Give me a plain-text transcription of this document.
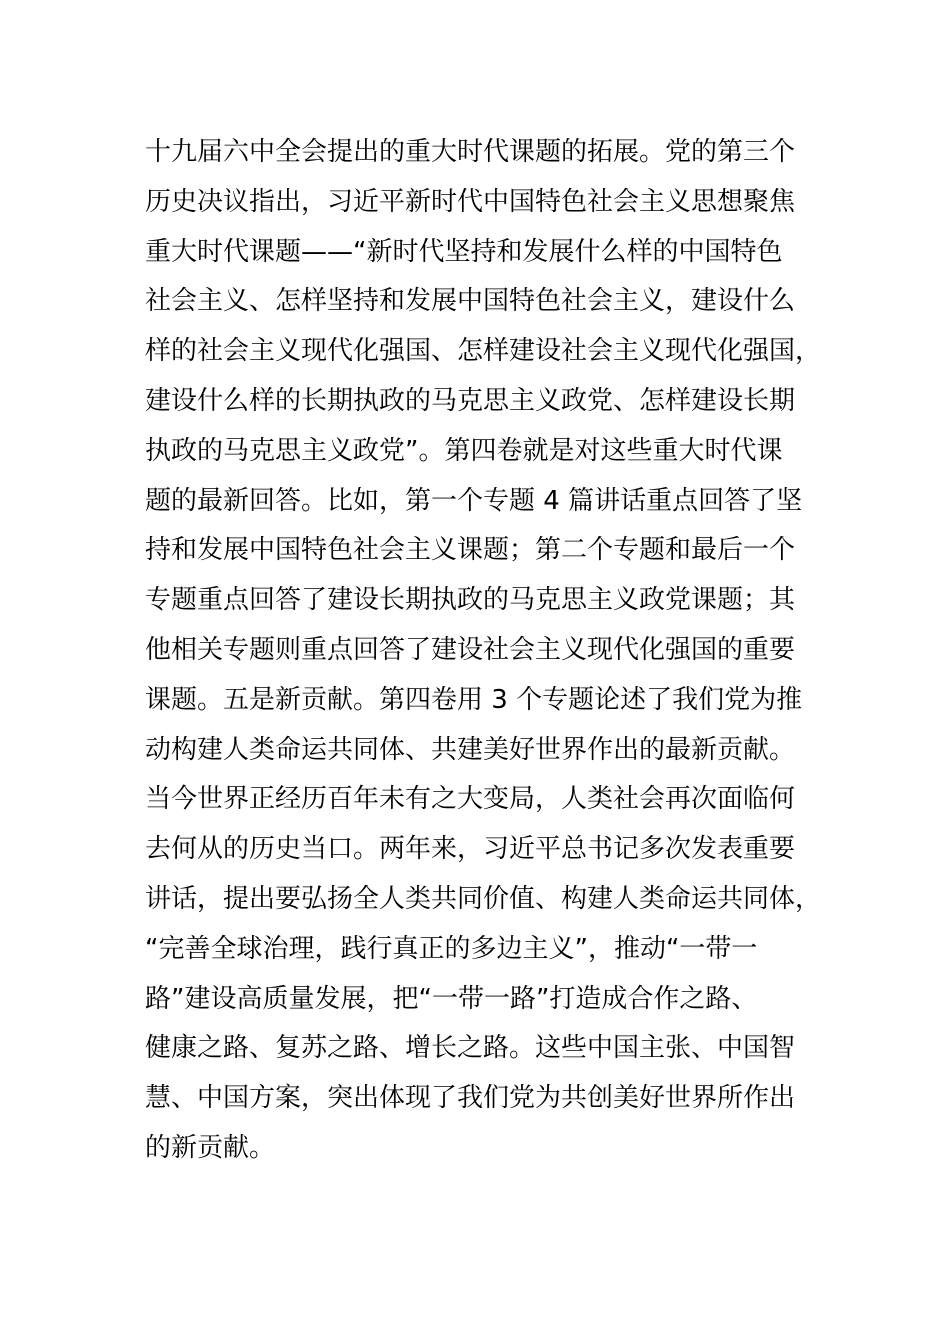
十九届六中全会提出的重大时代课题的拓展。党的第三个
历史决议指出，习近平新时代中国特色社会主义思想聚焦
重大时代课题——“新时代坚持和发展什么样的中国特色
社会主义、怎样坚持和发展中国特色社会主义，建设什么
样的社会主义现代化强国、怎样建设社会主义现代化强国，
建设什么样的长期执政的马克思主义政党、怎样建设长期
执政的马克思主义政党”。第四卷就是对这些重大时代课
题的最新回答。比如，第一个专题 4 篇讲话重点回答了坚
持和发展中国特色社会主义课题；第二个专题和最后一个
专题重点回答了建设长期执政的马克思主义政党课题；其
他相关专题则重点回答了建设社会主义现代化强国的重要
课题。五是新贡献。第四卷用 3 个专题论述了我们党为推
动构建人类命运共同体、共建美好世界作出的最新贡献。
当今世界正经历百年未有之大变局，人类社会再次面临何
去何从的历史当口。两年来，习近平总书记多次发表重要
讲话，提出要弘扬全人类共同价值、构建人类命运共同体，
“完善全球治理，践行真正的多边主义”，推动“一带一
路”建设高质量发展，把“一带一路”打造成合作之路、
健康之路、复苏之路、增长之路。这些中国主张、中国智
慧、中国方案，突出体现了我们党为共创美好世界所作出
的新贡献。
